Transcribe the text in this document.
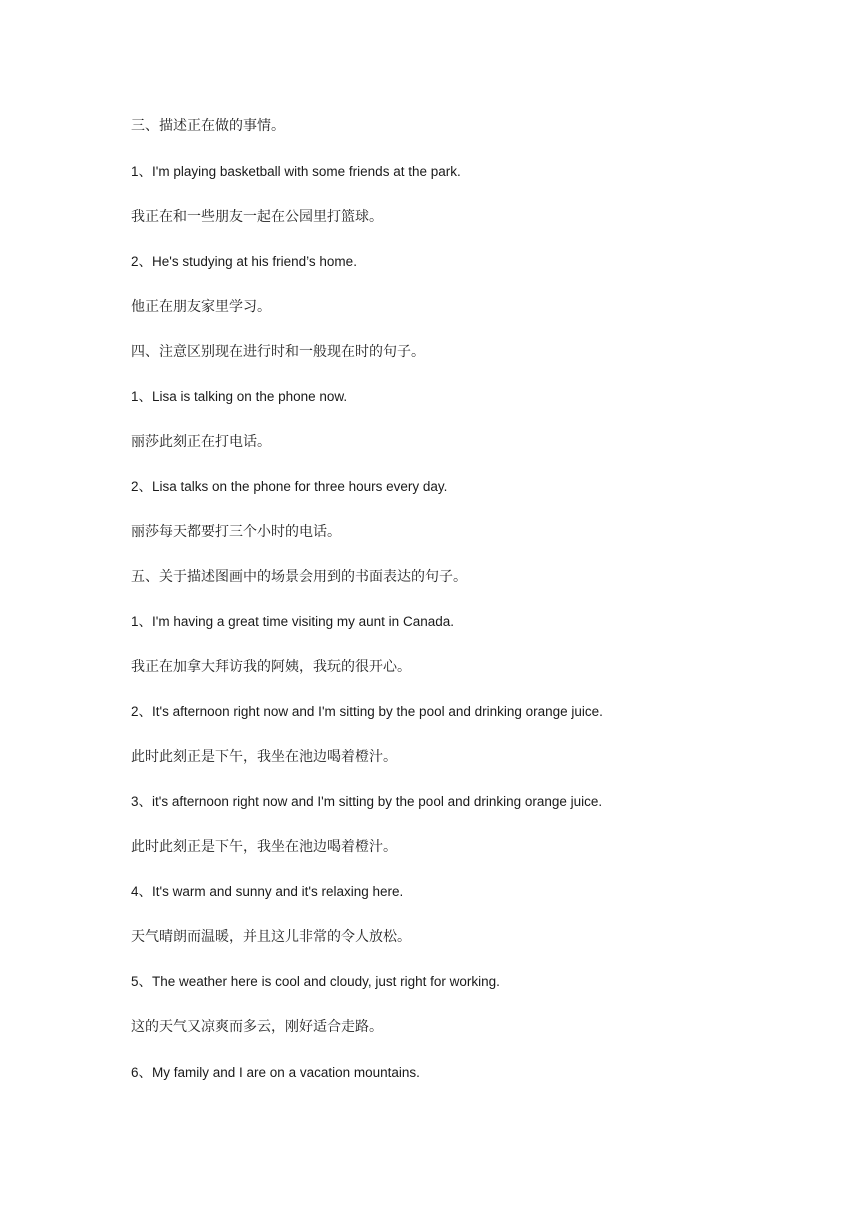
三、描述正在做的事情。
1、I'm playing basketball with some friends at the park.
我正在和一些朋友一起在公园里打篮球。
2、He's studying at his friend’s home.
他正在朋友家里学习。
四、注意区别现在进行时和一般现在时的句子。
1、Lisa is talking on the phone now.
丽莎此刻正在打电话。
2、Lisa talks on the phone for three hours every day.
丽莎每天都要打三个小时的电话。
五、关于描述图画中的场景会用到的书面表达的句子。
1、I'm having a great time visiting my aunt in Canada.
我正在加拿大拜访我的阿姨，我玩的很开心。
2、It's afternoon right now and I'm sitting by the pool and drinking orange juice.
此时此刻正是下午，我坐在池边喝着橙汁。
3、it's afternoon right now and I'm sitting by the pool and drinking orange juice.
此时此刻正是下午，我坐在池边喝着橙汁。
4、It's warm and sunny and it's relaxing here.
天气晴朗而温暖，并且这儿非常的令人放松。
5、The weather here is cool and cloudy, just right for working.
这的天气又凉爽而多云，刚好适合走路。
6、My family and I are on a vacation mountains.
